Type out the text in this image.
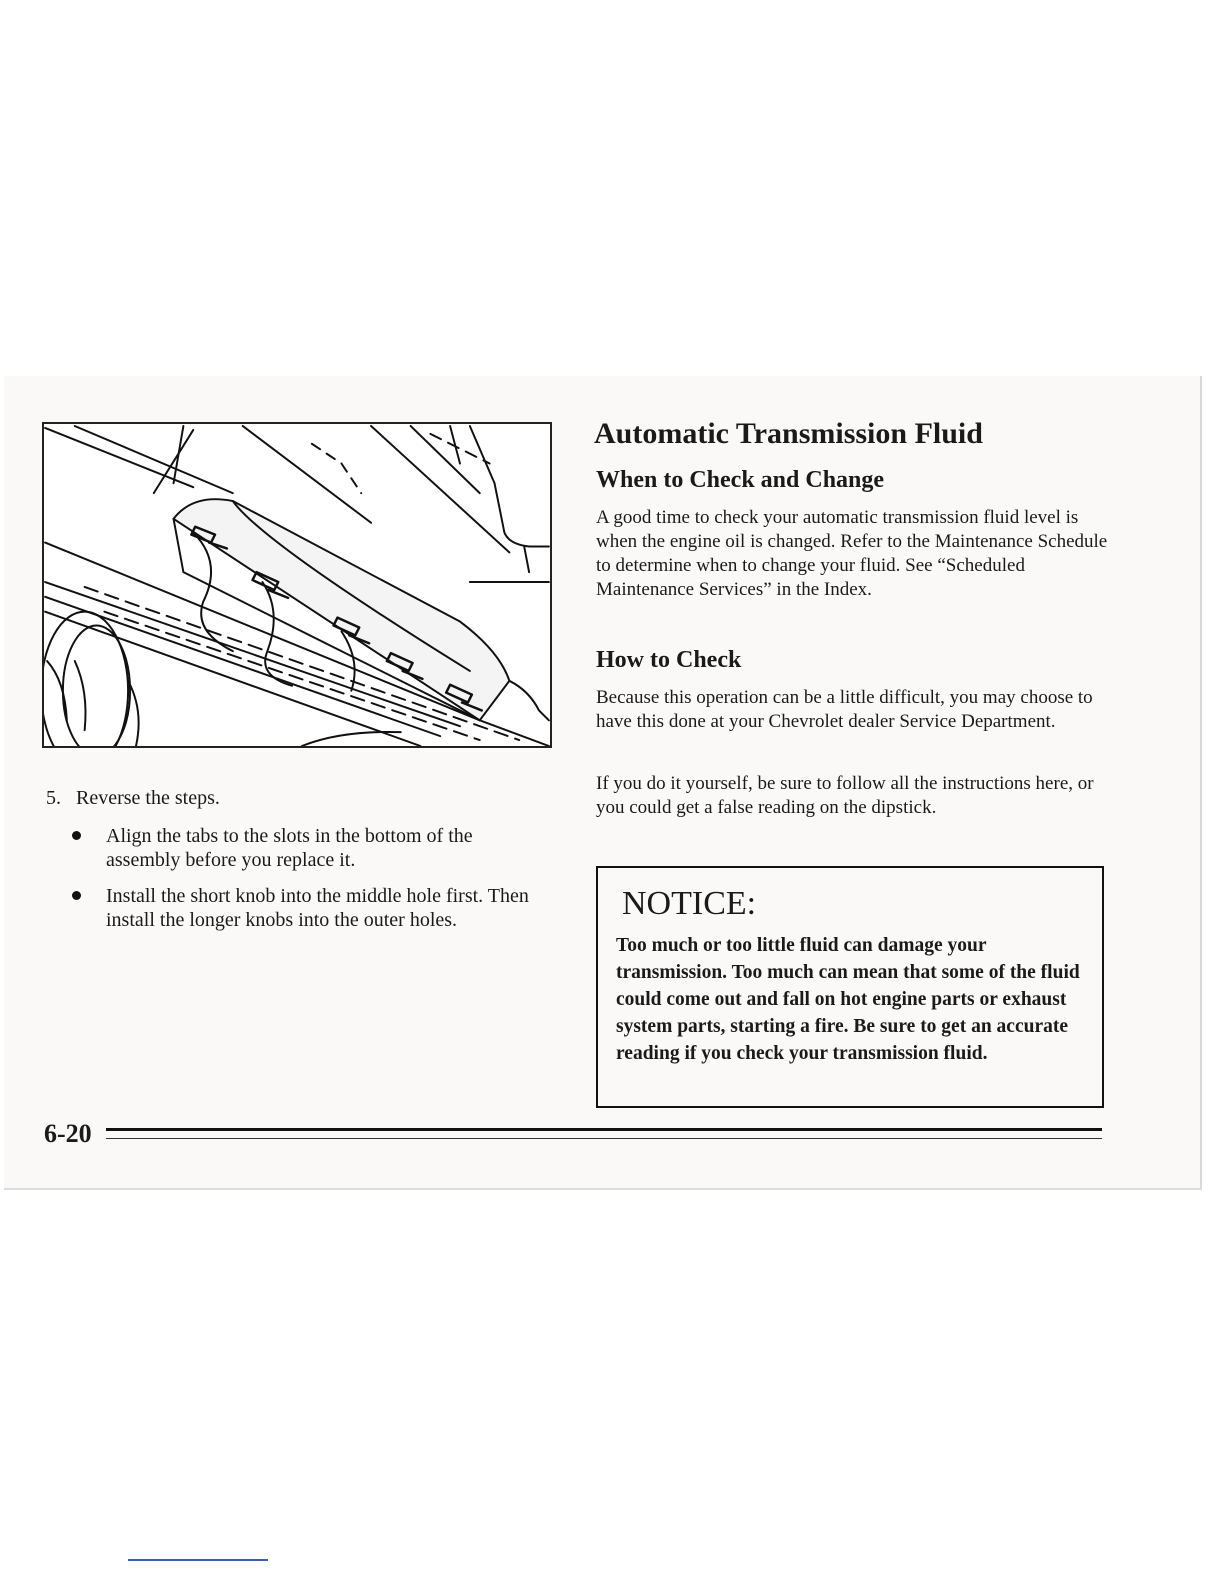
5. Reverse the steps.
Align the tabs to the slots in the bottom of the assembly before you replace it.
Install the short knob into the middle hole first. Then install the longer knobs into the outer holes.
Automatic Transmission Fluid
When to Check and Change
A good time to check your automatic transmission fluid level is when the engine oil is changed. Refer to the Maintenance Schedule to determine when to change your fluid. See “Scheduled Maintenance Services” in the Index.
How to Check
Because this operation can be a little difficult, you may choose to have this done at your Chevrolet dealer Service Department.
If you do it yourself, be sure to follow all the instructions here, or you could get a false reading on the dipstick.
NOTICE:
Too much or too little fluid can damage your transmission. Too much can mean that some of the fluid could come out and fall on hot engine parts or exhaust system parts, starting a fire. Be sure to get an accurate reading if you check your transmission fluid.
6-20
